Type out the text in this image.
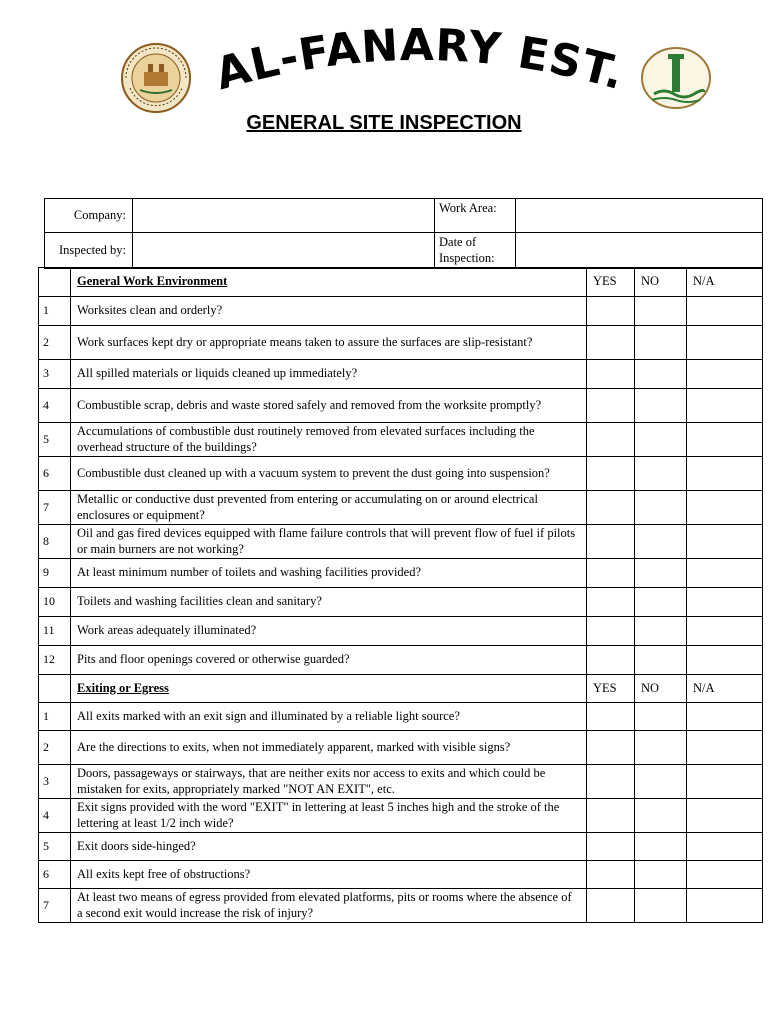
AL-FANARY EST.
GENERAL SITE INSPECTION
Company:		Work Area:	
Inspected by:		Date of Inspection:	
	General Work Environment	YES	NO	N/A
1	Worksites clean and orderly?			
2	Work surfaces kept dry or appropriate means taken to assure the surfaces are slip-resistant?			
3	All spilled materials or liquids cleaned up immediately?			
4	Combustible scrap, debris and waste stored safely and removed from the worksite promptly?			
5	Accumulations of combustible dust routinely removed from elevated surfaces including the overhead structure of the buildings?			
6	Combustible dust cleaned up with a vacuum system to prevent the dust going into suspension?			
7	Metallic or conductive dust prevented from entering or accumulating on or around electrical enclosures or equipment?			
8	Oil and gas fired devices equipped with flame failure controls that will prevent flow of fuel if pilots or main burners are not working?			
9	At least minimum number of toilets and washing facilities provided?			
10	Toilets and washing facilities clean and sanitary?			
11	Work areas adequately illuminated?			
12	Pits and floor openings covered or otherwise guarded?			
	Exiting or Egress	YES	NO	N/A
1	All exits marked with an exit sign and illuminated by a reliable light source?			
2	Are the directions to exits, when not immediately apparent, marked with visible signs?			
3	Doors, passageways or stairways, that are neither exits nor access to exits and which could be mistaken for exits, appropriately marked "NOT AN EXIT", etc.			
4	Exit signs provided with the word "EXIT" in lettering at least 5 inches high and the stroke of the lettering at least 1/2 inch wide?			
5	Exit doors side-hinged?			
6	All exits kept free of obstructions?			
7	At least two means of egress provided from elevated platforms, pits or rooms where the absence of a second exit would increase the risk of injury?			
